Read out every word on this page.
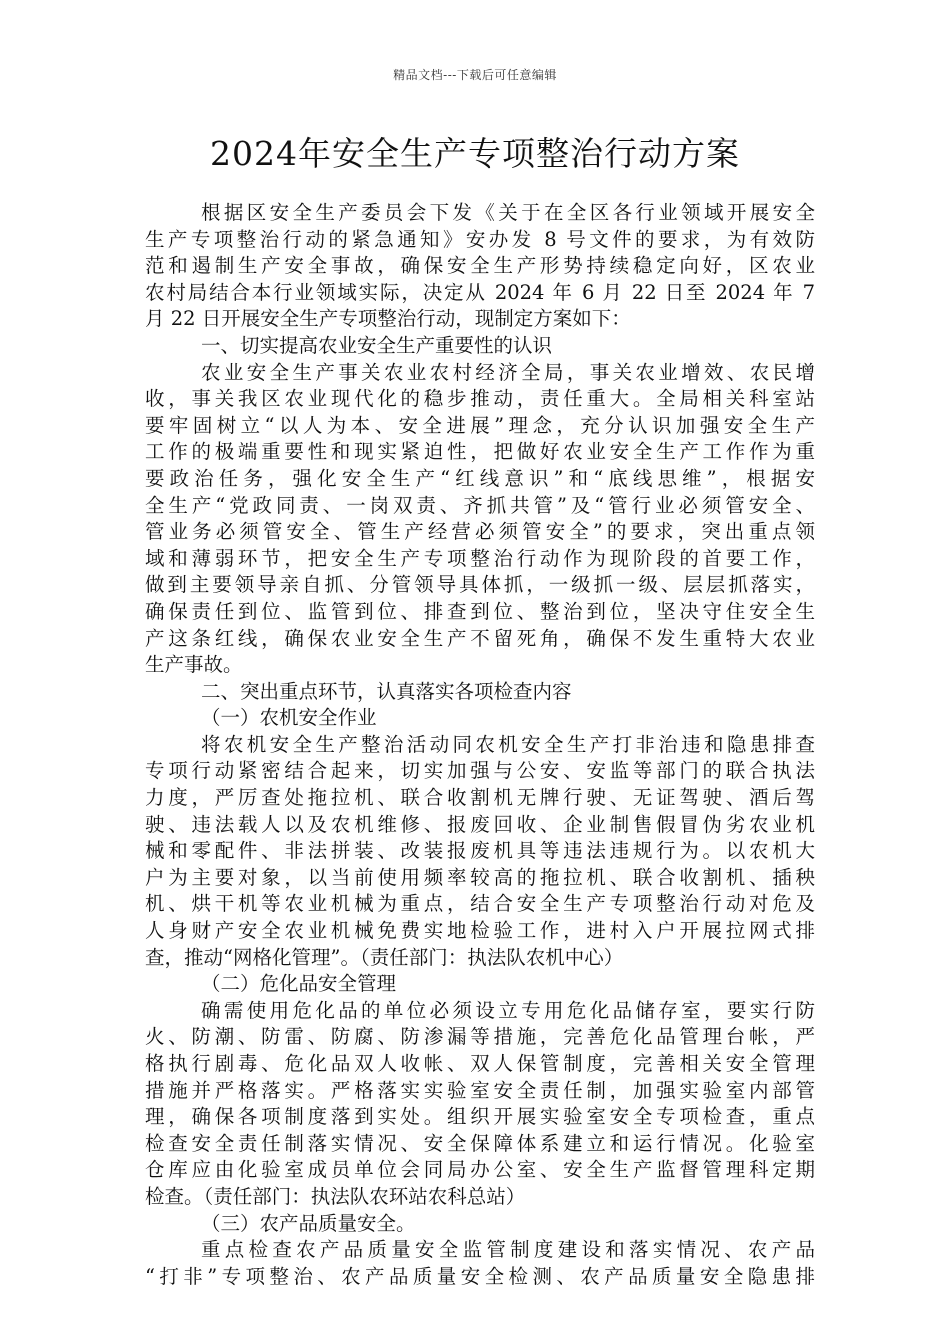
精品文档---下载后可任意编辑
2024年安全生产专项整治行动方案
根据区安全生产委员会下发《关于在全区各行业领域开展安全
生产专项整治行动的紧急通知》安办发 8 号文件的要求，为有效防
范和遏制生产安全事故，确保安全生产形势持续稳定向好，区农业
农村局结合本行业领域实际，决定从 2024 年 6 月 22 日至 2024 年 7
月 22 日开展安全生产专项整治行动，现制定方案如下：
一、切实提高农业安全生产重要性的认识
农业安全生产事关农业农村经济全局，事关农业增效、农民增
收，事关我区农业现代化的稳步推动，责任重大。全局相关科室站
要牢固树立“以人为本、安全进展”理念，充分认识加强安全生产
工作的极端重要性和现实紧迫性，把做好农业安全生产工作作为重
要政治任务，强化安全生产“红线意识”和“底线思维”，根据安
全生产“党政同责、一岗双责、齐抓共管”及“管行业必须管安全、
管业务必须管安全、管生产经营必须管安全”的要求，突出重点领
域和薄弱环节，把安全生产专项整治行动作为现阶段的首要工作，
做到主要领导亲自抓、分管领导具体抓，一级抓一级、层层抓落实，
确保责任到位、监管到位、排查到位、整治到位，坚决守住安全生
产这条红线，确保农业安全生产不留死角，确保不发生重特大农业
生产事故。
二、突出重点环节，认真落实各项检查内容
（一）农机安全作业
将农机安全生产整治活动同农机安全生产打非治违和隐患排查
专项行动紧密结合起来，切实加强与公安、安监等部门的联合执法
力度，严厉查处拖拉机、联合收割机无牌行驶、无证驾驶、酒后驾
驶、违法载人以及农机维修、报废回收、企业制售假冒伪劣农业机
械和零配件、非法拼装、改装报废机具等违法违规行为。以农机大
户为主要对象，以当前使用频率较高的拖拉机、联合收割机、插秧
机、烘干机等农业机械为重点，结合安全生产专项整治行动对危及
人身财产安全农业机械免费实地检验工作，进村入户开展拉网式排
查，推动“网格化管理”。（责任部门：执法队农机中心）
（二）危化品安全管理
确需使用危化品的单位必须设立专用危化品储存室，要实行防
火、防潮、防雷、防腐、防渗漏等措施，完善危化品管理台帐，严
格执行剧毒、危化品双人收帐、双人保管制度，完善相关安全管理
措施并严格落实。严格落实实验室安全责任制，加强实验室内部管
理，确保各项制度落到实处。组织开展实验室安全专项检查，重点
检查安全责任制落实情况、安全保障体系建立和运行情况。化验室
仓库应由化验室成员单位会同局办公室、安全生产监督管理科定期
检查。（责任部门：执法队农环站农科总站）
（三）农产品质量安全。
重点检查农产品质量安全监管制度建设和落实情况、农产品
“打非”专项整治、农产品质量安全检测、农产品质量安全隐患排
